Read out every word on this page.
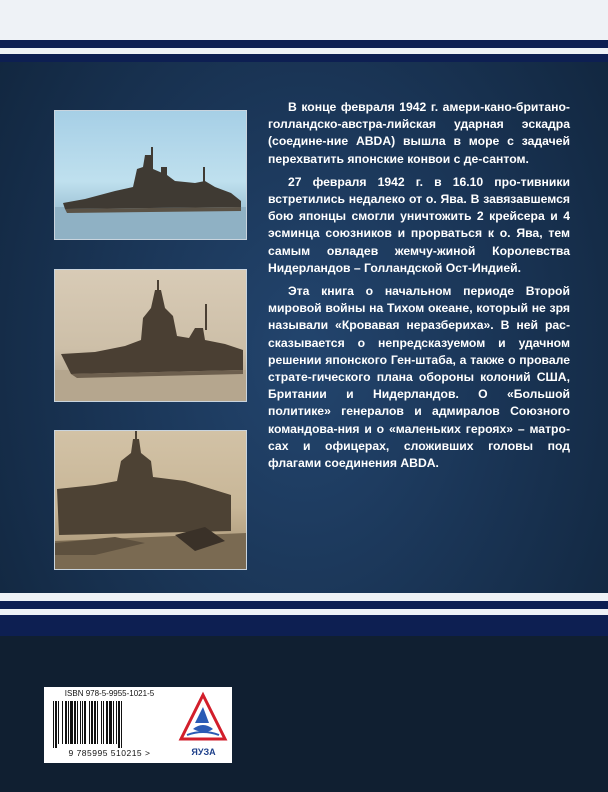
В конце февраля 1942 г. амери-кано-британо-голландско-австра-лийская ударная эскадра (соедине-ние ABDA) вышла в море с задачей перехватить японские конвои с де-сантом.

27 февраля 1942 г. в 16.10 про-тивники встретились недалеко от о. Ява. В завязавшемся бою японцы смогли уничтожить 2 крейсера и 4 эсминца союзников и прорваться к о. Ява, тем самым овладев жемчу-жиной Королевства Нидерландов – Голландской Ост-Индией.

Эта книга о начальном периоде Второй мировой войны на Тихом океане, который не зря называли «Кровавая неразбериха». В ней рас-сказывается о непредсказуемом и удачном решении японского Ген-штаба, а также о провале страте-гического плана обороны колоний США, Британии и Нидерландов. О «Большой политике» генералов и адмиралов Союзного командова-ния и о «маленьких героях» – матро-сах и офицерах, сложивших головы под флагами соединения ABDA.

ISBN 978-5-9955-1021-5
9 785995 510215 >	ЯУЗА
